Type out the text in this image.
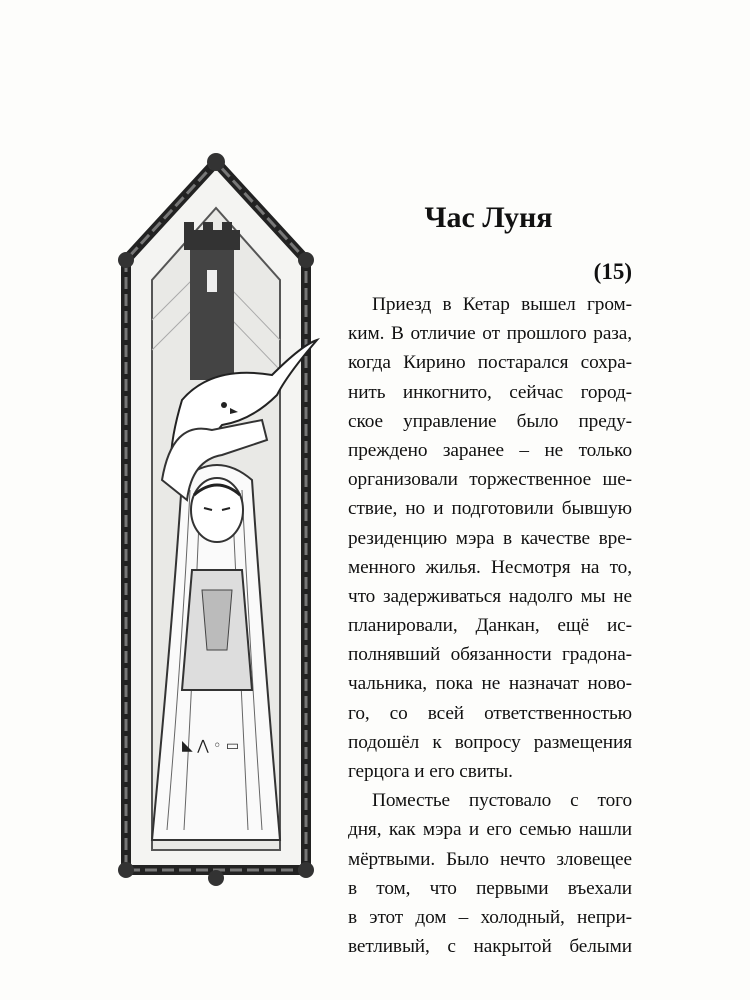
◣ ⋀ ◦ ▭
Час Луня
(15)
Приезд в Кетар вышел гром-
ким. В отличие от прошлого раза,
когда Кирино постарался сохра-
нить инкогнито, сейчас город-
ское управление было преду-
преждено заранее – не только
организовали торжественное ше-
ствие, но и подготовили бывшую
резиденцию мэра в качестве вре-
менного жилья. Несмотря на то,
что задерживаться надолго мы не
планировали, Данкан, ещё ис-
полнявший обязанности градона-
чальника, пока не назначат ново-
го, со всей ответственностью
подошёл к вопросу размещения
герцога и его свиты.
Поместье пустовало с того
дня, как мэра и его семью нашли
мёртвыми. Было нечто зловещее
в том, что первыми въехали
в этот дом – холодный, непри-
ветливый, с накрытой белыми
